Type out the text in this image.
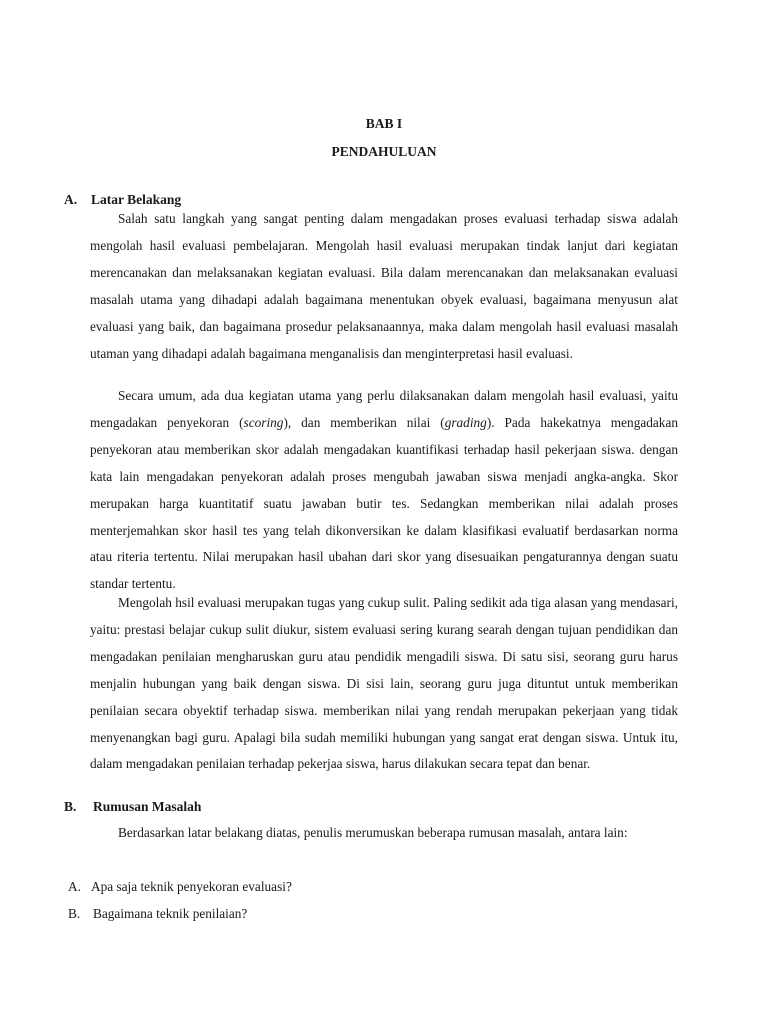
BAB I
PENDAHULUAN
A. Latar Belakang

Salah satu langkah yang sangat penting dalam mengadakan proses evaluasi terhadap siswa adalah mengolah hasil evaluasi pembelajaran. Mengolah hasil evaluasi merupakan tindak lanjut dari kegiatan merencanakan dan melaksanakan kegiatan evaluasi. Bila dalam merencanakan dan melaksanakan evaluasi masalah utama yang dihadapi adalah bagaimana menentukan obyek evaluasi, bagaimana menyusun alat evaluasi yang baik, dan bagaimana prosedur pelaksanaannya, maka dalam mengolah hasil evaluasi masalah utaman yang dihadapi adalah bagaimana menganalisis dan menginterpretasi hasil evaluasi.

Secara umum, ada dua kegiatan utama yang perlu dilaksanakan dalam mengolah hasil evaluasi, yaitu mengadakan penyekoran (scoring), dan memberikan nilai (grading). Pada hakekatnya mengadakan penyekoran atau memberikan skor adalah mengadakan kuantifikasi terhadap hasil pekerjaan siswa. dengan kata lain mengadakan penyekoran adalah proses mengubah jawaban siswa menjadi angka-angka. Skor merupakan harga kuantitatif suatu jawaban butir tes. Sedangkan memberikan nilai adalah proses menterjemahkan skor hasil tes yang telah dikonversikan ke dalam klasifikasi evaluatif berdasarkan norma atau riteria tertentu. Nilai merupakan hasil ubahan dari skor yang disesuaikan pengaturannya dengan suatu standar tertentu.

Mengolah hsil evaluasi merupakan tugas yang cukup sulit. Paling sedikit ada tiga alasan yang mendasari, yaitu: prestasi belajar cukup sulit diukur, sistem evaluasi sering kurang searah dengan tujuan pendidikan dan mengadakan penilaian mengharuskan guru atau pendidik mengadili siswa. Di satu sisi, seorang guru harus menjalin hubungan yang baik dengan siswa. Di sisi lain, seorang guru juga dituntut untuk memberikan penilaian secara obyektif terhadap siswa. memberikan nilai yang rendah merupakan pekerjaan yang tidak menyenangkan bagi guru. Apalagi bila sudah memiliki hubungan yang sangat erat dengan siswa. Untuk itu, dalam mengadakan penilaian terhadap pekerjaa siswa, harus dilakukan secara tepat dan benar.

B. Rumusan Masalah

Berdasarkan latar belakang diatas, penulis merumuskan beberapa rumusan masalah, antara lain:

A. Apa saja teknik penyekoran evaluasi?
B. Bagaimana teknik penilaian?
